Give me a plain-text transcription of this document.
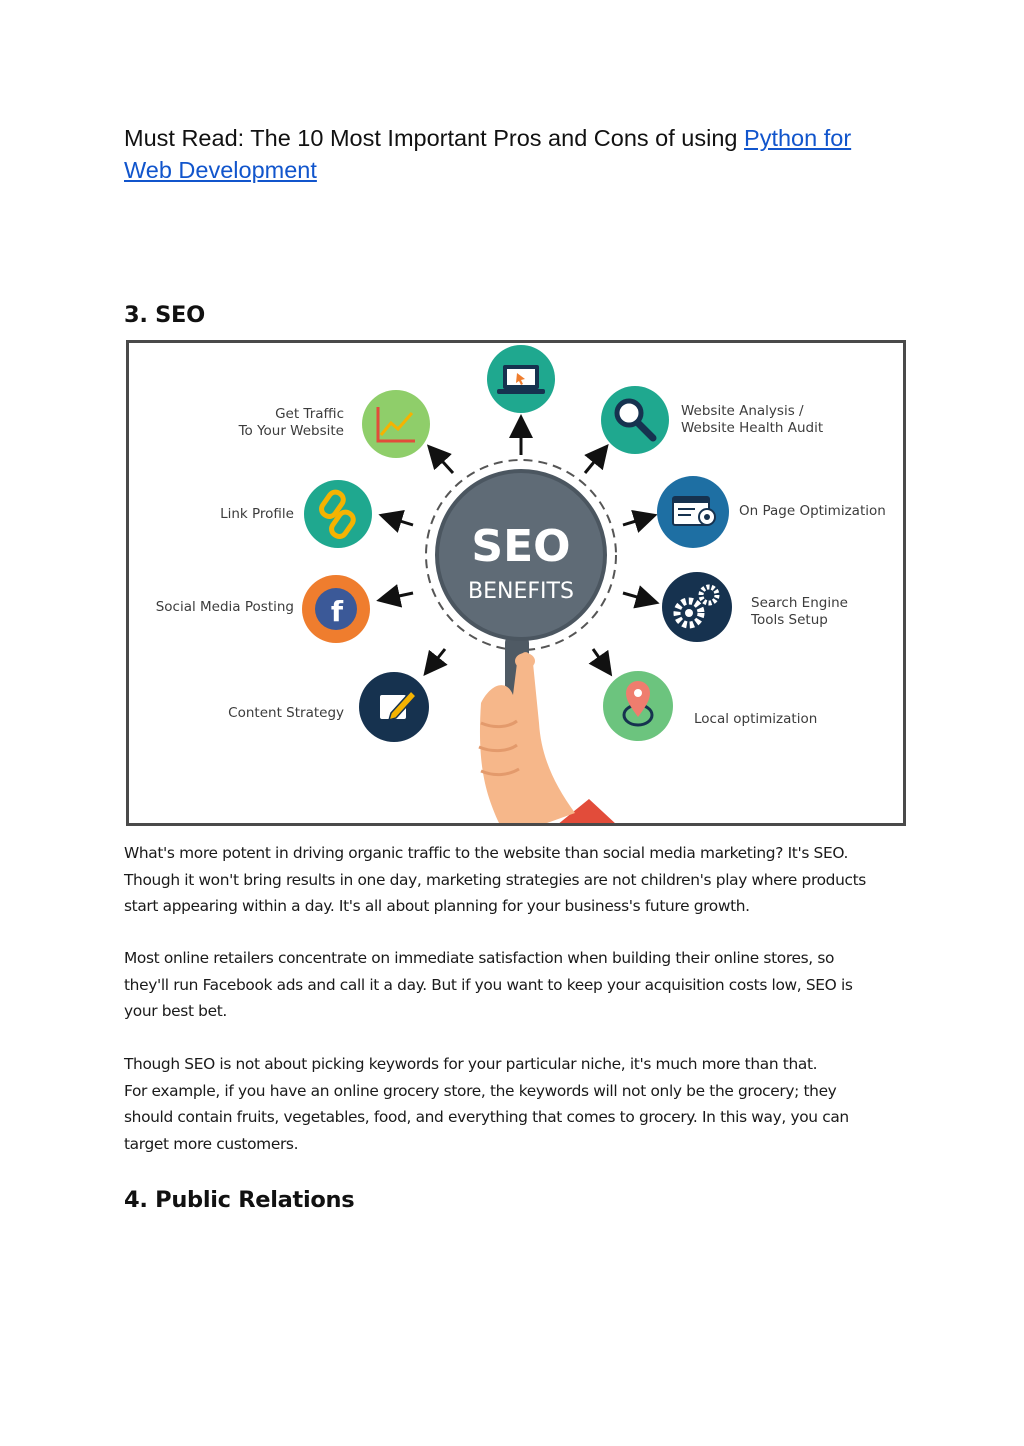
Must Read: The 10 Most Important Pros and Cons of using Python for
Web Development
3. SEO
SEO
BENEFITS
Get Traffic
To Your Website
Website Analysis /
Website Health Audit
Link Profile	On Page Optimization
f
Social Media Posting	Search Engine
Tools Setup
Content Strategy	Local optimization

What's more potent in driving organic traffic to the website than social media marketing? It's SEO.
Though it won't bring results in one day, marketing strategies are not children's play where products
start appearing within a day. It's all about planning for your business's future growth.

Most online retailers concentrate on immediate satisfaction when building their online stores, so
they'll run Facebook ads and call it a day. But if you want to keep your acquisition costs low, SEO is
your best bet.

Though SEO is not about picking keywords for your particular niche, it's much more than that.
For example, if you have an online grocery store, the keywords will not only be the grocery; they
should contain fruits, vegetables, food, and everything that comes to grocery. In this way, you can
target more customers.

4. Public Relations
